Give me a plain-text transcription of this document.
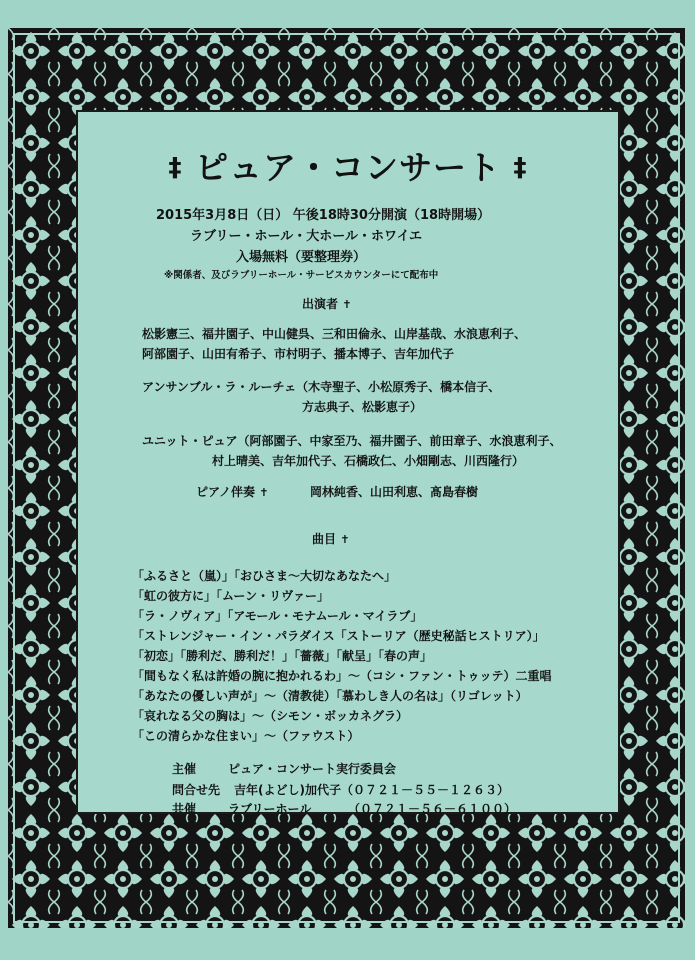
‡ ピュア・コンサート ‡
2015年3月8日（日） 午後18時30分開演（18時開場）
ラブリー・ホール・大ホール・ホワイエ
入場無料（要整理券）
※関係者、及びラブリーホール・サービスカウンターにて配布中
出演者 ✝
松影憲三、福井園子、中山健呉、三和田倫永、山岸基哉、水浪恵利子、
阿部園子、山田有希子、市村明子、播本博子、吉年加代子
アンサンブル・ラ・ルーチェ（木寺聖子、小松原秀子、橋本信子、
方志典子、松影恵子）
ユニット・ピュア（阿部園子、中家至乃、福井園子、前田章子、水浪恵利子、
村上晴美、吉年加代子、石橋政仁、小畑剛志、川西隆行）
ピアノ伴奏 ✝	岡林純香、山田利恵、髙島春樹
曲目 ✝
「ふるさと（嵐）」「おひさま～大切なあなたへ」
「虹の彼方に」「ムーン・リヴァー」
「ラ・ノヴィア」「アモール・モナムール・マイラブ」
「ストレンジャー・イン・パラダイス「ストーリア（歴史秘話ヒストリア）」
「初恋」「勝利だ、勝利だ！」「薔薇」「献呈」「春の声」
「間もなく私は許婚の腕に抱かれるわ」～（コシ・ファン・トゥッテ）二重唱
「あなたの優しい声が」～（清教徒）「慕わしき人の名は」（リゴレット）
「哀れなる父の胸は」～（シモン・ボッカネグラ）
「この清らかな住まい」～（ファウスト）
主催	ピュア・コンサート実行委員会
問合せ先 吉年(よどし)加代子（０７２１－５５－１２６３）
共催	ラブリーホール	（０７２１－５６－６１００）
